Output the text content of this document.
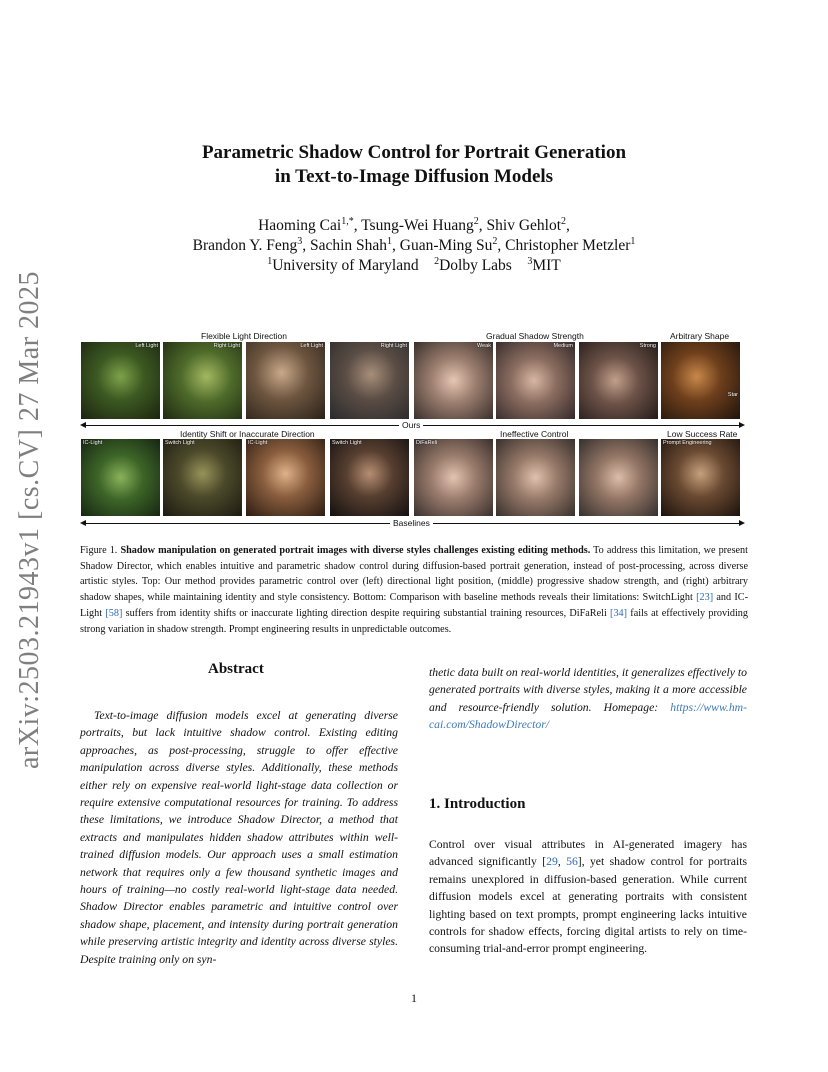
arXiv:2503.21943v1 [cs.CV] 27 Mar 2025
Parametric Shadow Control for Portrait Generation
in Text-to-Image Diffusion Models
Haoming Cai$^{1,*}$, Tsung-Wei Huang$^2$, Shiv Gehlot$^2$,
Brandon Y. Feng$^3$, Sachin Shah$^1$, Guan-Ming Su$^2$, Christopher Metzler$^1$
$^1$University of Maryland $^2$Dolby Labs $^3$MIT
Flexible Light Direction	Gradual Shadow Strength	Arbitrary Shape
Left Light	Right Light	Left Light	Right Light	Weak	Medium	Strong
Star
Ours
Identity Shift or Inaccurate Direction	Ineffective Control	Low Success Rate
IC-Light	Switch Light	IC-Light	Switch Light	DiFaReli	Prompt Engineering
Baselines
Figure 1. Shadow manipulation on generated portrait images with diverse styles challenges existing editing methods. To address this limitation, we present Shadow Director, which enables intuitive and parametric shadow control during diffusion-based portrait generation, instead of post-processing, across diverse artistic styles. Top: Our method provides parametric control over (left) directional light position, (middle) progressive shadow strength, and (right) arbitrary shadow shapes, while maintaining identity and style consistency. Bottom: Comparison with baseline methods reveals their limitations: SwitchLight [23] and IC-Light [58] suffers from identity shifts or inaccurate lighting direction despite requiring substantial training resources, DiFaReli [34] fails at effectively providing strong variation in shadow strength. Prompt engineering results in unpredictable outcomes.
Abstract
Text-to-image diffusion models excel at generating diverse portraits, but lack intuitive shadow control. Existing editing approaches, as post-processing, struggle to offer effective manipulation across diverse styles. Additionally, these methods either rely on expensive real-world light-stage data collection or require extensive computational resources for training. To address these limitations, we introduce Shadow Director, a method that extracts and manipulates hidden shadow attributes within well-trained diffusion models. Our approach uses a small estimation network that requires only a few thousand synthetic images and hours of training—no costly real-world light-stage data needed. Shadow Director enables parametric and intuitive control over shadow shape, placement, and intensity during portrait generation while preserving artistic integrity and identity across diverse styles. Despite training only on syn-
thetic data built on real-world identities, it generalizes effectively to generated portraits with diverse styles, making it a more accessible and resource-friendly solution. Homepage: https://www.hm-cai.com/ShadowDirector/
1. Introduction
Control over visual attributes in AI-generated imagery has advanced significantly [29, 56], yet shadow control for portraits remains unexplored in diffusion-based generation. While current diffusion models excel at generating portraits with consistent lighting based on text prompts, prompt engineering lacks intuitive controls for shadow effects, forcing digital artists to rely on time-consuming trial-and-error prompt engineering.
1
